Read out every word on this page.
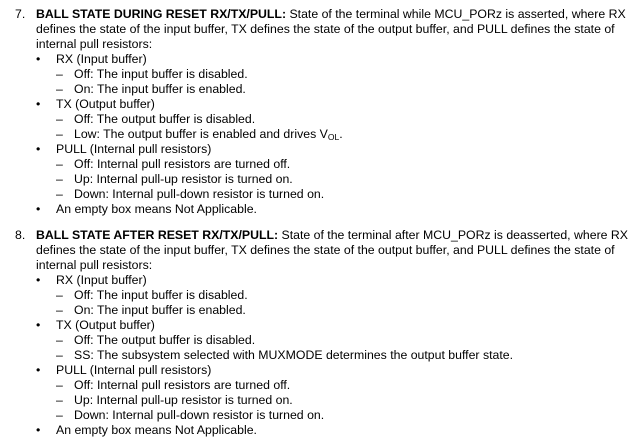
7. BALL STATE DURING RESET RX/TX/PULL: State of the terminal while MCU_PORz is asserted, where RX defines the state of the input buffer, TX defines the state of the output buffer, and PULL defines the state of internal pull resistors:
• RX (Input buffer)
– Off: The input buffer is disabled.
– On: The input buffer is enabled.
• TX (Output buffer)
– Off: The output buffer is disabled.
– Low: The output buffer is enabled and drives $V_{OL}$.
• PULL (Internal pull resistors)
– Off: Internal pull resistors are turned off.
– Up: Internal pull-up resistor is turned on.
– Down: Internal pull-down resistor is turned on.
• An empty box means Not Applicable.
8. BALL STATE AFTER RESET RX/TX/PULL: State of the terminal after MCU_PORz is deasserted, where RX defines the state of the input buffer, TX defines the state of the output buffer, and PULL defines the state of internal pull resistors:
• RX (Input buffer)
– Off: The input buffer is disabled.
– On: The input buffer is enabled.
• TX (Output buffer)
– Off: The output buffer is disabled.
– SS: The subsystem selected with MUXMODE determines the output buffer state.
• PULL (Internal pull resistors)
– Off: Internal pull resistors are turned off.
– Up: Internal pull-up resistor is turned on.
– Down: Internal pull-down resistor is turned on.
• An empty box means Not Applicable.
